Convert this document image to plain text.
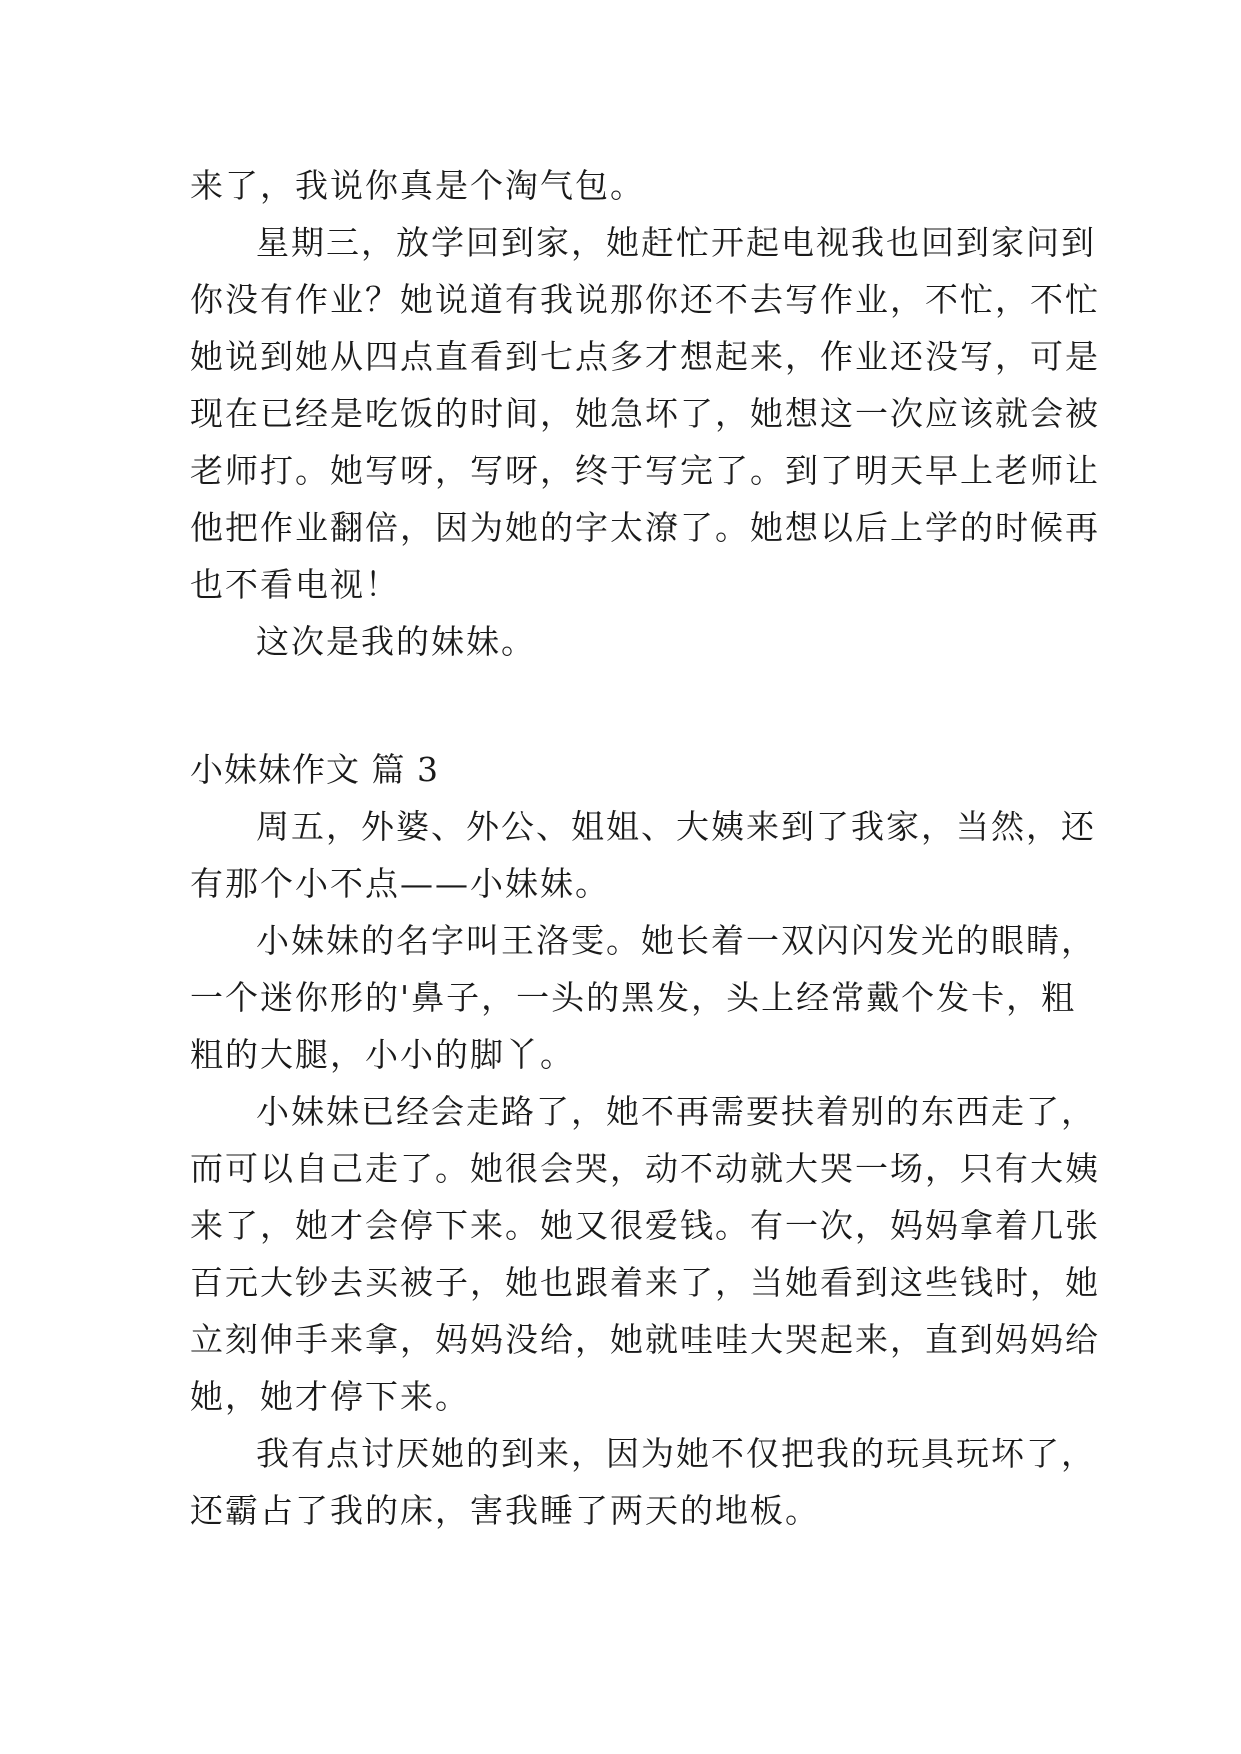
来了，我说你真是个淘气包。

星期三，放学回到家，她赶忙开起电视我也回到家问到

你没有作业？她说道有我说那你还不去写作业，不忙，不忙

她说到她从四点直看到七点多才想起来，作业还没写，可是

现在已经是吃饭的时间，她急坏了，她想这一次应该就会被

老师打。她写呀，写呀，终于写完了。到了明天早上老师让

他把作业翻倍，因为她的字太潦了。她想以后上学的时候再

也不看电视！

这次是我的妹妹。

小妹妹作文 篇 3

周五，外婆、外公、姐姐、大姨来到了我家，当然，还

有那个小不点——小妹妹。

小妹妹的名字叫王洛雯。她长着一双闪闪发光的眼睛，

一个迷你形的'鼻子，一头的黑发，头上经常戴个发卡，粗

粗的大腿，小小的脚丫。

小妹妹已经会走路了，她不再需要扶着别的东西走了，

而可以自己走了。她很会哭，动不动就大哭一场，只有大姨

来了，她才会停下来。她又很爱钱。有一次，妈妈拿着几张

百元大钞去买被子，她也跟着来了，当她看到这些钱时，她

立刻伸手来拿，妈妈没给，她就哇哇大哭起来，直到妈妈给

她，她才停下来。

我有点讨厌她的到来，因为她不仅把我的玩具玩坏了，

还霸占了我的床，害我睡了两天的地板。
